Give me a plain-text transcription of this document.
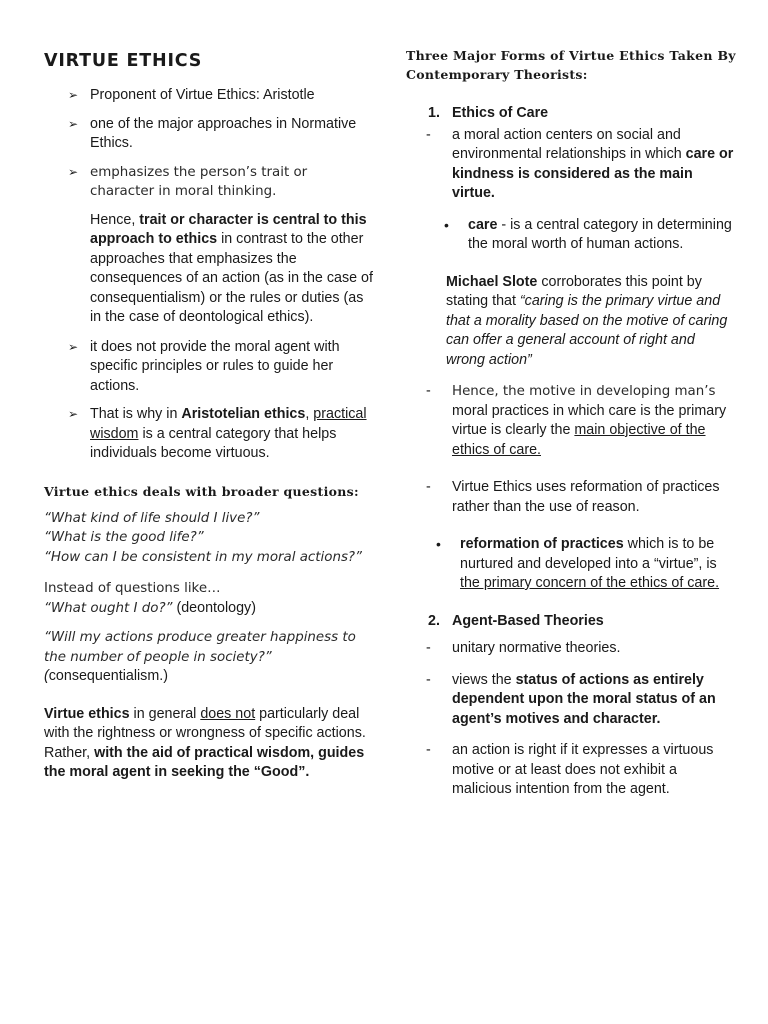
VIRTUE ETHICS
➢ Proponent of Virtue Ethics: Aristotle
➢ one of the major approaches in Normative Ethics.
➢ emphasizes the person’s trait or character in moral thinking.

Hence, trait or character is central to this approach to ethics in contrast to the other approaches that emphasizes the consequences of an action (as in the case of consequentialism) or the rules or duties (as in the case of deontological ethics).

➢ it does not provide the moral agent with specific principles or rules to guide her actions.
➢ That is why in Aristotelian ethics, practical wisdom is a central category that helps individuals become virtuous.
Virtue ethics deals with broader questions:
“What kind of life should I live?”
“What is the good life?”
“How can I be consistent in my moral actions?”
Instead of questions like…
“What ought I do?” (deontology)
“Will my actions produce greater happiness to the number of people in society?”
(consequentialism.)

Virtue ethics in general does not particularly deal with the rightness or wrongness of specific actions. Rather, with the aid of practical wisdom, guides the moral agent in seeking the “Good”.

Three Major Forms of Virtue Ethics Taken By Contemporary Theorists:
1. Ethics of Care
- a moral action centers on social and environmental relationships in which care or kindness is considered as the main virtue.
• care - is a central category in determining the moral worth of human actions.

Michael Slote corroborates this point by stating that “caring is the primary virtue and that a morality based on the motive of caring can offer a general account of right and wrong action”

- Hence, the motive in developing man’s moral practices in which care is the primary virtue is clearly the main objective of the ethics of care.
- Virtue Ethics uses reformation of practices rather than the use of reason.
• reformation of practices which is to be nurtured and developed into a “virtue”, is the primary concern of the ethics of care.
2. Agent-Based Theories
- unitary normative theories.
- views the status of actions as entirely dependent upon the moral status of an agent’s motives and character.
- an action is right if it expresses a virtuous motive or at least does not exhibit a malicious intention from the agent.
